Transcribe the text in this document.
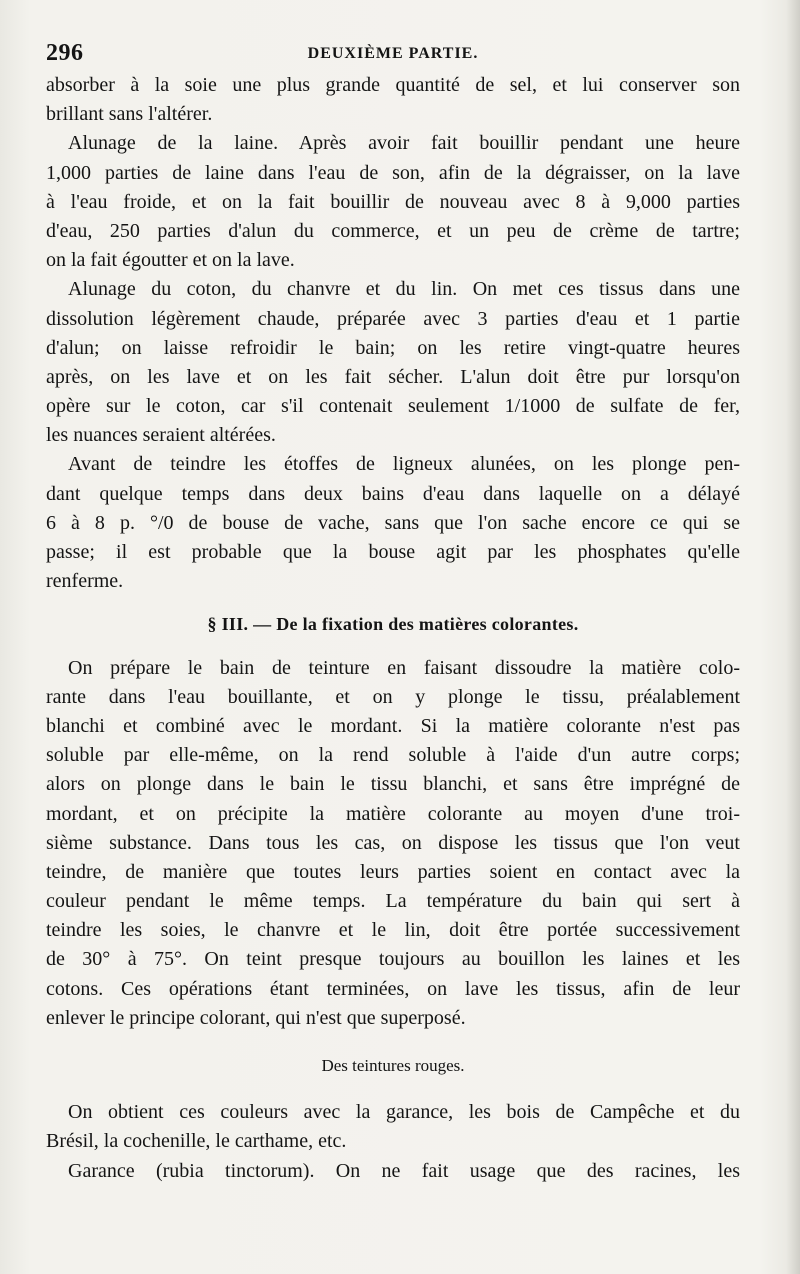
296	DEUXIÈME PARTIE.
absorber à la soie une plus grande quantité de sel, et lui conserver son
brillant sans l'altérer.
Alunage de la laine. Après avoir fait bouillir pendant une heure
1,000 parties de laine dans l'eau de son, afin de la dégraisser, on la lave
à l'eau froide, et on la fait bouillir de nouveau avec 8 à 9,000 parties
d'eau, 250 parties d'alun du commerce, et un peu de crème de tartre;
on la fait égoutter et on la lave.
Alunage du coton, du chanvre et du lin. On met ces tissus dans une
dissolution légèrement chaude, préparée avec 3 parties d'eau et 1 partie
d'alun; on laisse refroidir le bain; on les retire vingt-quatre heures
après, on les lave et on les fait sécher. L'alun doit être pur lorsqu'on
opère sur le coton, car s'il contenait seulement 1/1000 de sulfate de fer,
les nuances seraient altérées.
Avant de teindre les étoffes de ligneux alunées, on les plonge pen-
dant quelque temps dans deux bains d'eau dans laquelle on a délayé
6 à 8 p. °/0 de bouse de vache, sans que l'on sache encore ce qui se
passe; il est probable que la bouse agit par les phosphates qu'elle
renferme.
§ III. — De la fixation des matières colorantes.
On prépare le bain de teinture en faisant dissoudre la matière colo-
rante dans l'eau bouillante, et on y plonge le tissu, préalablement
blanchi et combiné avec le mordant. Si la matière colorante n'est pas
soluble par elle-même, on la rend soluble à l'aide d'un autre corps;
alors on plonge dans le bain le tissu blanchi, et sans être imprégné de
mordant, et on précipite la matière colorante au moyen d'une troi-
sième substance. Dans tous les cas, on dispose les tissus que l'on veut
teindre, de manière que toutes leurs parties soient en contact avec la
couleur pendant le même temps. La température du bain qui sert à
teindre les soies, le chanvre et le lin, doit être portée successivement
de 30° à 75°. On teint presque toujours au bouillon les laines et les
cotons. Ces opérations étant terminées, on lave les tissus, afin de leur
enlever le principe colorant, qui n'est que superposé.
Des teintures rouges.
On obtient ces couleurs avec la garance, les bois de Campêche et du
Brésil, la cochenille, le carthame, etc.
Garance (rubia tinctorum). On ne fait usage que des racines, les
